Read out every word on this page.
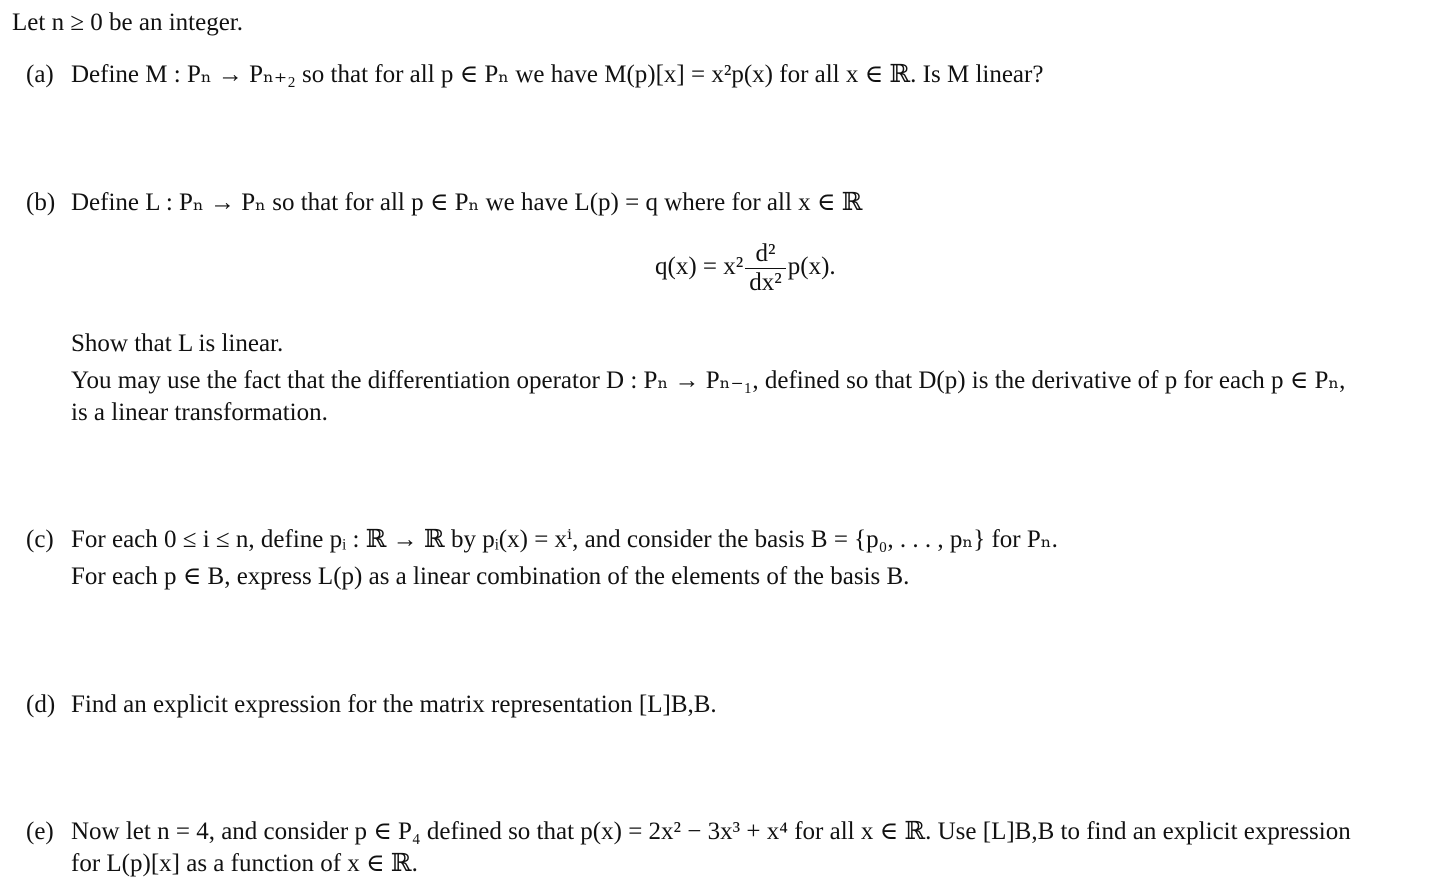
Let n ≥ 0 be an integer.
(a) Define M : Pₙ → Pₙ₊₂ so that for all p ∈ Pₙ we have M(p)[x] = x²p(x) for all x ∈ ℝ. Is M linear?
(b) Define L : Pₙ → Pₙ so that for all p ∈ Pₙ we have L(p) = q where for all x ∈ ℝ
$q(x) = x^2 \frac{\text{d²}}{\text{dx²}} p(x)$.
Show that L is linear.
You may use the fact that the differentiation operator D : Pₙ → Pₙ₋₁, defined so that D(p) is the derivative of p for each p ∈ Pₙ,
is a linear transformation.
(c) For each 0 ≤ i ≤ n, define pᵢ : ℝ → ℝ by pᵢ(x) = xⁱ, and consider the basis B = {p₀, . . . , pₙ} for Pₙ.
For each p ∈ B, express L(p) as a linear combination of the elements of the basis B.
(d) Find an explicit expression for the matrix representation [L]B,B.
(e) Now let n = 4, and consider p ∈ P₄ defined so that p(x) = 2x² − 3x³ + x⁴ for all x ∈ ℝ. Use [L]B,B to find an explicit expression
for L(p)[x] as a function of x ∈ ℝ.
